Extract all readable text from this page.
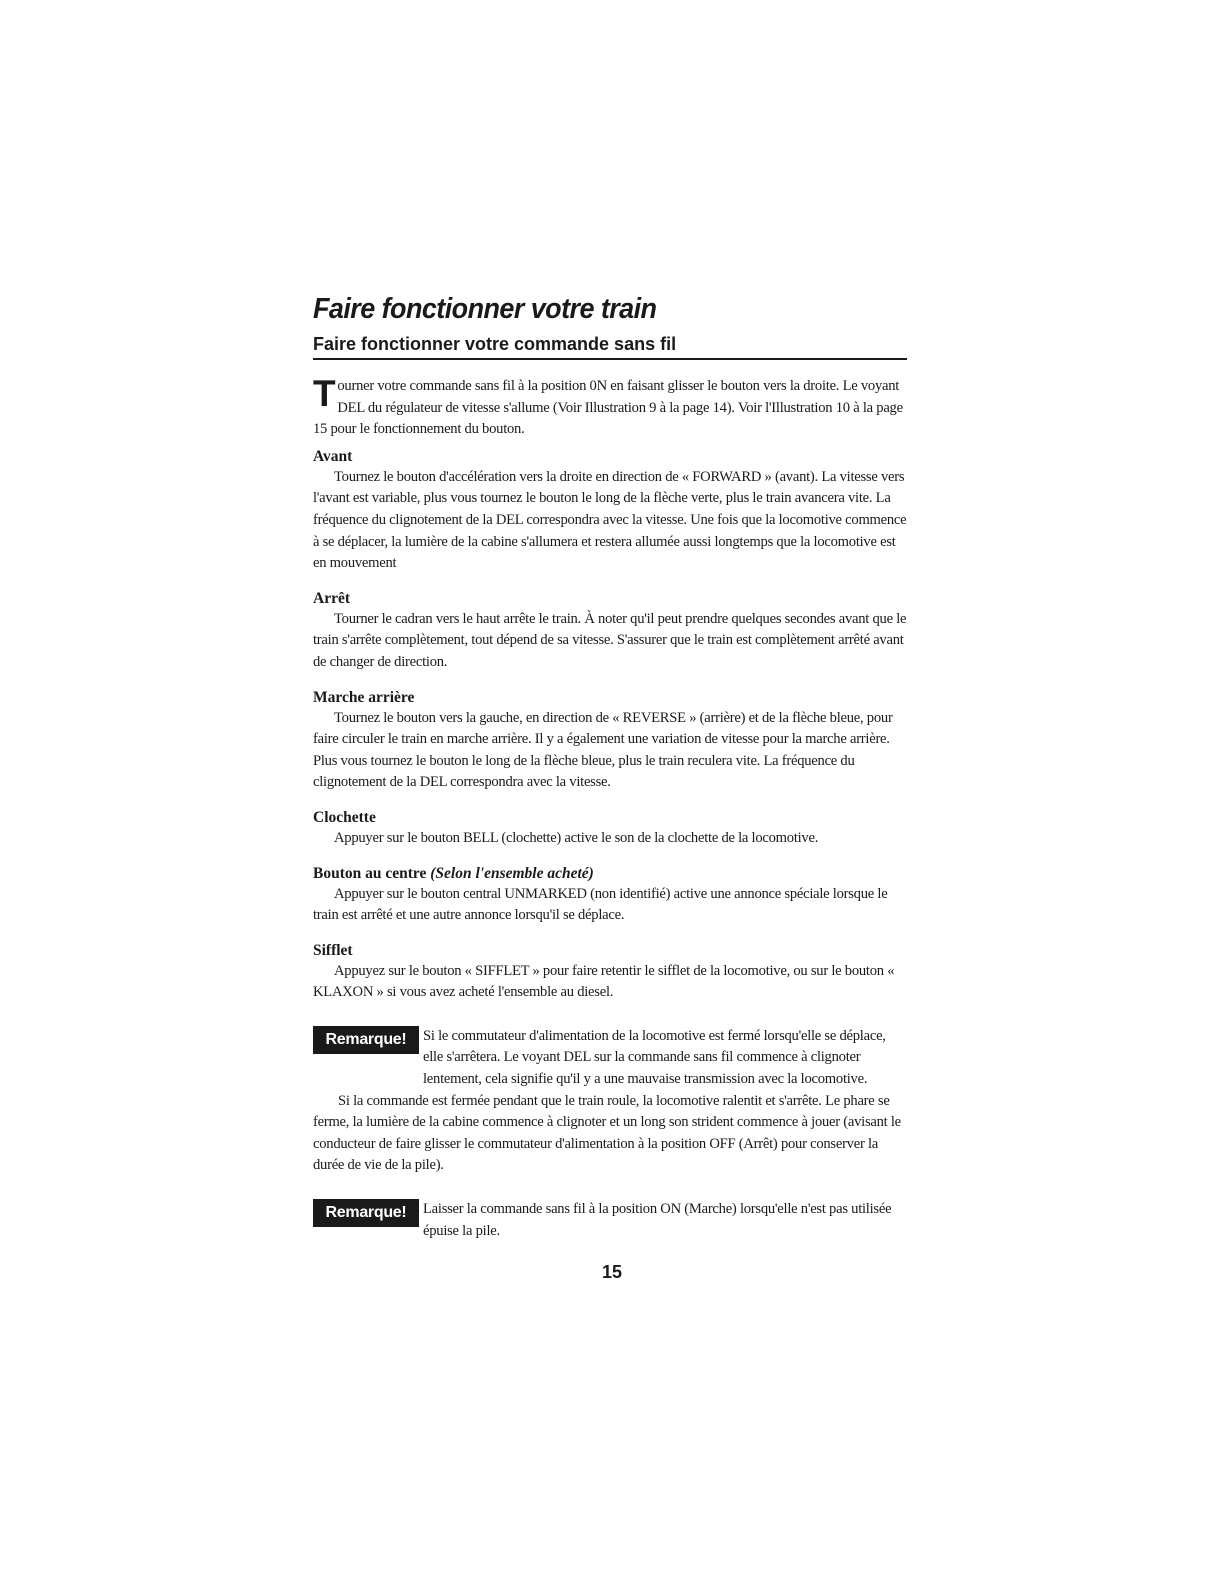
Faire fonctionner votre train
Faire fonctionner votre commande sans fil

Tourner votre commande sans fil à la position 0N en faisant glisser le bouton vers la droite. Le voyant DEL du régulateur de vitesse s'allume (Voir Illustration 9 à la page 14). Voir l'Illustration 10 à la page 15 pour le fonctionnement du bouton.

Avant

Tournez le bouton d'accélération vers la droite en direction de « FORWARD » (avant). La vitesse vers l'avant est variable, plus vous tournez le bouton le long de la flèche verte, plus le train avancera vite. La fréquence du clignotement de la DEL correspondra avec la vitesse. Une fois que la locomotive commence à se déplacer, la lumière de la cabine s'allumera et restera allumée aussi longtemps que la locomotive est en mouvement

Arrêt

Tourner le cadran vers le haut arrête le train. À noter qu'il peut prendre quelques secondes avant que le train s'arrête complètement, tout dépend de sa vitesse. S'assurer que le train est complètement arrêté avant de changer de direction.

Marche arrière

Tournez le bouton vers la gauche, en direction de « REVERSE » (arrière) et de la flèche bleue, pour faire circuler le train en marche arrière. Il y a également une variation de vitesse pour la marche arrière. Plus vous tournez le bouton le long de la flèche bleue, plus le train reculera vite. La fréquence du clignotement de la DEL correspondra avec la vitesse.

Clochette

Appuyer sur le bouton BELL (clochette) active le son de la clochette de la locomotive.

Bouton au centre (Selon l'ensemble acheté)

Appuyer sur le bouton central UNMARKED (non identifié) active une annonce spéciale lorsque le train est arrêté et une autre annonce lorsqu'il se déplace.

Sifflet

Appuyez sur le bouton « SIFFLET » pour faire retentir le sifflet de la locomotive, ou sur le bouton « KLAXON » si vous avez acheté l'ensemble au diesel.

Remarque!	Si le commutateur d'alimentation de la locomotive est fermé lorsqu'elle se déplace, elle s'arrêtera. Le voyant DEL sur la commande sans fil commence à clignoter lentement, cela signifie qu'il y a une mauvaise transmission avec la locomotive.

Si la commande est fermée pendant que le train roule, la locomotive ralentit et s'arrête. Le phare se ferme, la lumière de la cabine commence à clignoter et un long son strident commence à jouer (avisant le conducteur de faire glisser le commutateur d'alimentation à la position OFF (Arrêt) pour conserver la durée de vie de la pile).

Remarque!	Laisser la commande sans fil à la position ON (Marche) lorsqu'elle n'est pas utilisée épuise la pile.

15
